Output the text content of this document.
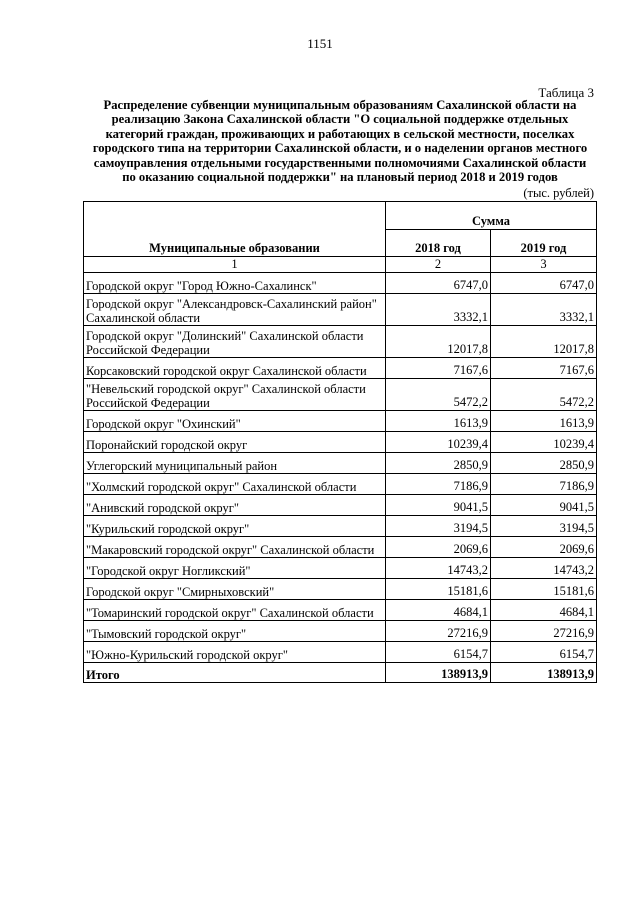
1151
Таблица 3
Распределение субвенции муниципальным образованиям Сахалинской области на
реализацию Закона Сахалинской области "О социальной поддержке отдельных
категорий граждан, проживающих и работающих в сельской местности, поселках
городского типа на территории Сахалинской области, и о наделении органов местного
самоуправления отдельными государственными полномочиями Сахалинской области
по оказанию социальной поддержки" на плановый период 2018 и 2019 годов
(тыс. рублей)
Муниципальные образовании	Сумма	
	2018 год	2019 год
1	2	3
Городской округ "Город Южно-Сахалинск"	6747,0	6747,0
Городской округ "Александровск-Сахалинский район" Сахалинской области	3332,1	3332,1
Городской округ "Долинский" Сахалинской области Российской Федерации	12017,8	12017,8
Корсаковский городской округ Сахалинской области	7167,6	7167,6
"Невельский городской округ" Сахалинской области Российской Федерации	5472,2	5472,2
Городской округ "Охинский"	1613,9	1613,9
Поронайский городской округ	10239,4	10239,4
Углегорский муниципальный район	2850,9	2850,9
"Холмский городской округ" Сахалинской области	7186,9	7186,9
"Анивский городской округ"	9041,5	9041,5
"Курильский городской округ"	3194,5	3194,5
"Макаровский городской округ" Сахалинской области	2069,6	2069,6
"Городской округ Ногликский"	14743,2	14743,2
Городской округ "Смирныховский"	15181,6	15181,6
"Томаринский городской округ" Сахалинской области	4684,1	4684,1
"Тымовский городской округ"	27216,9	27216,9
"Южно-Курильский городской округ"	6154,7	6154,7
Итого	138913,9	138913,9
